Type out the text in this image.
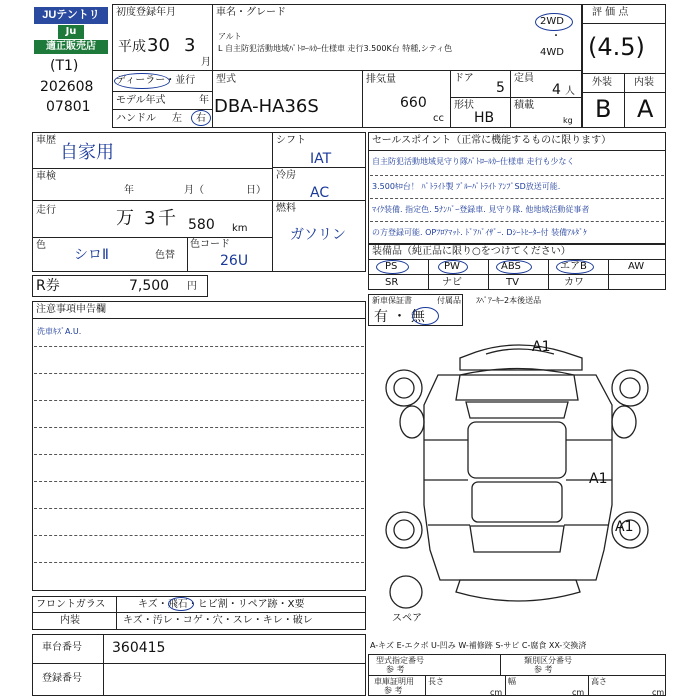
JUテントリ
Ju
適正販売店
(T1)
202608
07801
初度登録年月
平成 30 3
月
ディーラー・並行
モデル年式	年
ハンドル 左 右
車名・グレード
アルト
L 自主防犯活動地域ﾊﾟﾄﾛｰﾙｶｰ仕様車 走行3.500K台 特種,シティ色
2WD
・
4WD
型式
DBA-HA36S
排気量
660
cc
ドア
5
定員
4 人
形状
HB
積載
kg
評 価 点
(4.5)
外装 内装
B A
車歴
自家用
車検
年	月（	日）
走行	万 3 千 580 km
色
シロⅡ	色替
色コード
26U
シフト
IAT
冷房
AC
燃料
ガソリン
R券	7,500 円
注意事項申告欄
洗車ｷｽﾞA.U.
フロントガラス	キズ・飛石・ヒビ割・リペア跡・X要
内装	キズ・汚レ・コゲ・穴・スレ・キレ・破レ
車台番号 360415
登録番号
セールスポイント（正常に機能するものに限ります）
自主防犯活動地域見守り隊ﾊﾟﾄﾛｰﾙｶｰ仕様車 走行も少なく
3.500ｷﾛ台！ ﾊﾟﾄﾗｲﾄ製 ﾌﾞﾙｰﾊﾟﾄﾗｲﾄ ｱﾝﾌﾟSD放送可能.
ﾏｲｸ装備. 指定色. 5ﾅﾝﾊﾞｰ登録車. 見守り隊. 他地域活動従事者
の方登録可能. OPﾌﾛｱﾏｯﾄ. ﾄﾞｱﾊﾞｲｻﾞｰ. Dｼｰﾄﾋｰﾀｰ付 装備ｱﾙﾀﾞｹ
装備品（純正品に限り○をつけてください）
PS	PW	ABS	エアB	AW
SR	ナビ	TV	カワ
新車保証書
有 ・ 無
付属品 ｽﾍﾟｱｰｷｰ2本後送品
A1
A1
A1
スペア
A-キズ E-エクボ U-凹み W-補修跡 S-サビ C-腐食 XX-交換済
型式指定番号
参 考
類別区分番号
参 考
車庫証明用
参 考
長さ
cm
幅
cm
高さ
cm
